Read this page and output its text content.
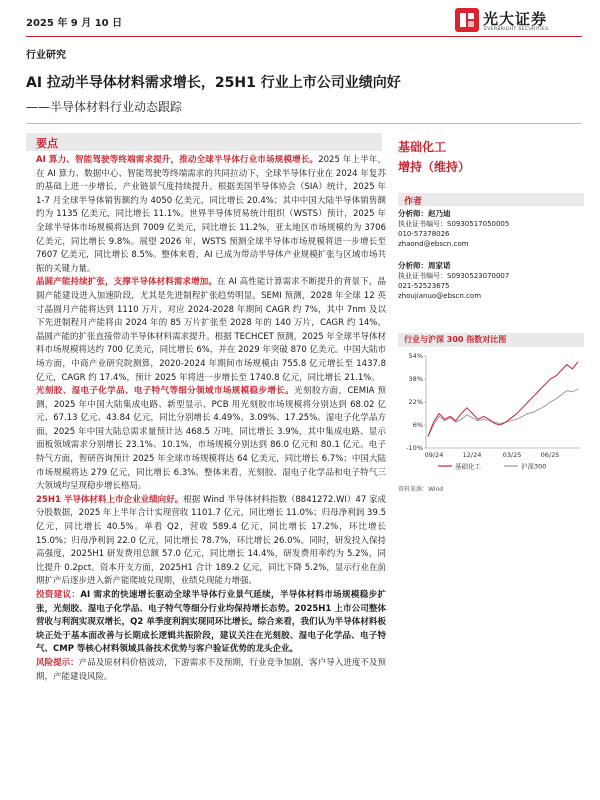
2025 年 9 月 10 日	光大证券
EVERBRIGHT SECURITIES
行业研究
AI 拉动半导体材料需求增长，25H1 行业上市公司业绩向好
——半导体材料行业动态跟踪
要点

AI 算力、智能驾驶等终端需求提升，推动全球半导体行业市场规模增长。2025 年上半年，在 AI 算力、数据中心、智能驾驶等终端需求的共同拉动下，全球半导体行业在 2024 年复苏的基础上进一步增长，产业链景气度持续提升。根据美国半导体协会（SIA）统计，2025 年 1-7 月全球半导体销售额约为 4050 亿美元，同比增长 20.4%；其中中国大陆半导体销售额约为 1135 亿美元，同比增长 11.1%。世界半导体贸易统计组织（WSTS）预计，2025 年全球半导体市场规模将达到 7009 亿美元，同比增长 11.2%，亚太地区市场规模约为 3706 亿美元，同比增长 9.8%。展望 2026 年，WSTS 预测全球半导体市场规模将进一步增长至 7607 亿美元，同比增长 8.5%。整体来看，AI 已成为带动半导体产业规模扩张与区域市场共振的关键力量。

晶圆产能持续扩张，支撑半导体材料需求增加。在 AI 高性能计算需求不断提升的背景下，晶圆产能建设进入加速阶段，尤其是先进制程扩张趋势明显。SEMI 预测，2028 年全球 12 英寸晶圆月产能将达到 1110 万片，对应 2024-2028 年期间 CAGR 约 7%，其中 7nm 及以下先进制程月产能将由 2024 年的 85 万片扩张至 2028 年的 140 万片，CAGR 约 14%。晶圆产能的扩张直接带动半导体材料需求提升。根据 TECHCET 预测，2025 年全球半导体材料市场规模将达约 700 亿美元，同比增长 6%，并在 2029 年突破 870 亿美元。中国大陆市场方面，中商产业研究院测算，2020-2024 年期间市场规模由 755.8 亿元增长至 1437.8 亿元，CAGR 约 17.4%，预计 2025 年将进一步增长至 1740.8 亿元，同比增长 21.1%。

光刻胶、湿电子化学品、电子特气等细分领域市场规模稳步增长。光刻胶方面，CEMIA 预测，2025 年中国大陆集成电路、新型显示、PCB 用光刻胶市场规模将分别达到 68.02 亿元、67.13 亿元、43.84 亿元，同比分别增长 4.49%、3.09%、17.25%。湿电子化学品方面，2025 年中国大陆总需求量预计达 468.5 万吨，同比增长 3.9%，其中集成电路、显示面板领域需求分别增长 23.1%、10.1%，市场规模分别达到 86.0 亿元和 80.1 亿元。电子特气方面，智研咨询预计 2025 年全球市场规模将达 64 亿美元，同比增长 6.7%；中国大陆市场规模将达 279 亿元，同比增长 6.3%。整体来看，光刻胶、湿电子化学品和电子特气三大领域均呈现稳步增长格局。

25H1 半导体材料上市企业业绩向好。根据 Wind 半导体材料指数（8841272.WI）47 家成分股数据，2025 年上半年合计实现营收 1101.7 亿元，同比增长 11.0%；归母净利润 39.5 亿元，同比增长 40.5%。单看 Q2，营收 589.4 亿元，同比增长 17.2%，环比增长 15.0%；归母净利润 22.0 亿元，同比增长 78.7%，环比增长 26.0%。同时，研发投入保持高强度，2025H1 研发费用总额 57.0 亿元，同比增长 14.4%，研发费用率约为 5.2%，同比提升 0.2pct。资本开支方面，2025H1 合计 189.2 亿元，同比下降 5.2%，显示行业在前期扩产后逐步进入新产能爬坡兑现期，业绩兑现能力增强。

投资建议：AI 需求的快速增长驱动全球半导体行业景气延续，半导体材料市场规模稳步扩张，光刻胶、湿电子化学品、电子特气等细分行业均保持增长态势。2025H1 上市公司整体营收与利润实现双增长，Q2 单季度利润实现同环比增长。综合来看，我们认为半导体材料板块正处于基本面改善与长期成长逻辑共振阶段，建议关注在光刻胶、湿电子化学品、电子特气、CMP 等核心材料领域具备技术优势与客户验证优势的龙头企业。

风险提示：产品及原材料价格波动，下游需求不及预期，行业竞争加剧，客户导入进度不及预期，产能建设风险。

基础化工
增持（维持）
作者
分析师：赵乃迪
执业证书编号：S0930517050005
010-57378026
zhaond@ebscn.com
分析师：周家诺
执业证书编号：S0930523070007
021-52523675
zhoujianuo@ebscn.com
行业与沪深 300 指数对比图
54%
38%
22%
6%
-10%
09/24	12/24	03/25	06/25
基础化工	沪深300
资料来源：Wind
